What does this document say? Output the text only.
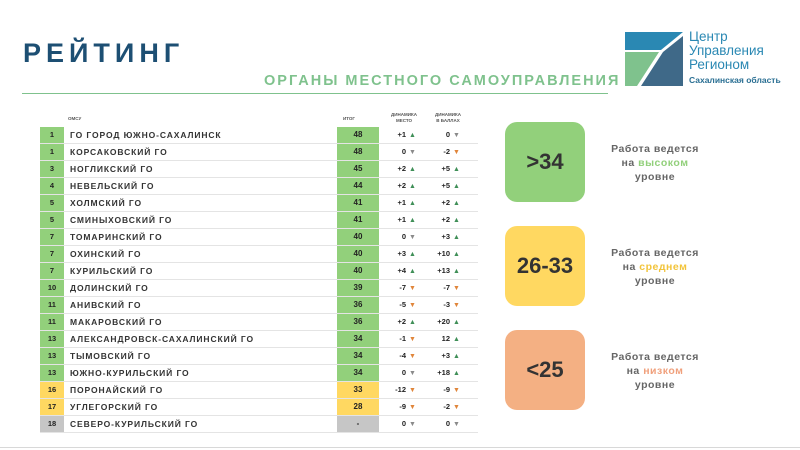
РЕЙТИНГ
ОРГАНЫ МЕСТНОГО САМОУПРАВЛЕНИЯ
Центр
Управления
Регионом
Сахалинская область
ОМСУ	ИТОГ
ДИНАМИКА МЕСТО
ДИНАМИКА В БАЛЛАХ
1	ГО ГОРОД ЮЖНО-САХАЛИНСК	48	+1 ▲	0 ▼
1	КОРСАКОВСКИЙ ГО	48	0 ▼	-2 ▼
3	НОГЛИКСКИЙ ГО	45	+2 ▲	+5 ▲
4	НЕВЕЛЬСКИЙ ГО	44	+2 ▲	+5 ▲
5	ХОЛМСКИЙ ГО	41	+1 ▲	+2 ▲
5	СМИНЫХОВСКИЙ ГО	41	+1 ▲	+2 ▲
7	ТОМАРИНСКИЙ ГО	40	0 ▼	+3 ▲
7	ОХИНСКИЙ ГО	40	+3 ▲	+10 ▲
7	КУРИЛЬСКИЙ ГО	40	+4 ▲	+13 ▲
10	ДОЛИНСКИЙ ГО	39	-7 ▼	-7 ▼
11	АНИВСКИЙ ГО	36	-5 ▼	-3 ▼
11	МАКАРОВСКИЙ ГО	36	+2 ▲	+20 ▲
13	АЛЕКСАНДРОВСК-САХАЛИНСКИЙ ГО	34	-1 ▼	12 ▲
13	ТЫМОВСКИЙ ГО	34	-4 ▼	+3 ▲
13	ЮЖНО-КУРИЛЬСКИЙ ГО	34	0 ▼	+18 ▲
16	ПОРОНАЙСКИЙ ГО	33	-12 ▼	-9 ▼
17	УГЛЕГОРСКИЙ ГО	28	-9 ▼	-2 ▼
18	СЕВЕРО-КУРИЛЬСКИЙ ГО	-	0 ▼	0 ▼
>34	Работа ведется
на высоком
уровне
26-33	Работа ведется
на среднем
уровне
<25	Работа ведется
на низком
уровне
